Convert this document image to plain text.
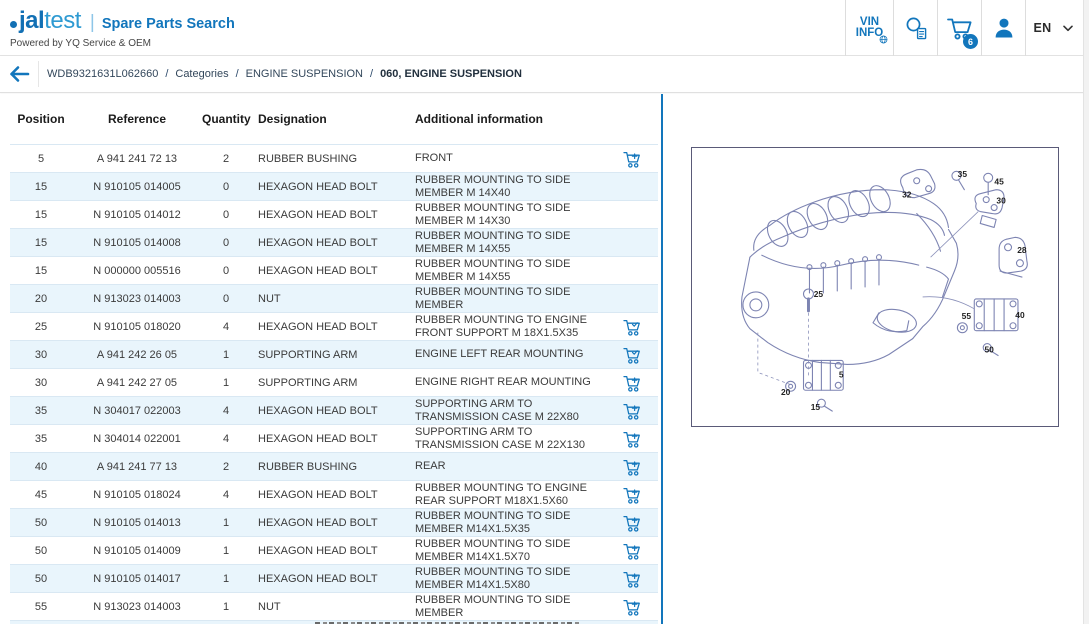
jal test | Spare Parts Search
Powered by YQ Service & OEM
VIN
INFO
6
EN
WDB9321631L062660 / Categories / ENGINE SUSPENSION / 060, ENGINE SUSPENSION
Position	Reference	Quantity Designation	Additional information
5	A 941 241 72 13	2	RUBBER BUSHING	FRONT
15	N 910105 014005	0	HEXAGON HEAD BOLT
RUBBER MOUNTING TO SIDE MEMBER M 14X40
15	N 910105 014012	0	HEXAGON HEAD BOLT
RUBBER MOUNTING TO SIDE MEMBER M 14X30
15	N 910105 014008	0	HEXAGON HEAD BOLT
RUBBER MOUNTING TO SIDE MEMBER M 14X55
15	N 000000 005516	0	HEXAGON HEAD BOLT
RUBBER MOUNTING TO SIDE MEMBER M 14X55
20	N 913023 014003	0	NUT
RUBBER MOUNTING TO SIDE MEMBER
25	N 910105 018020	4	HEXAGON HEAD BOLT
RUBBER MOUNTING TO ENGINE FRONT SUPPORT M 18X1.5X35
30	A 941 242 26 05	1	SUPPORTING ARM	ENGINE LEFT REAR MOUNTING
30	A 941 242 27 05	1	SUPPORTING ARM	ENGINE RIGHT REAR MOUNTING
35	N 304017 022003	4	HEXAGON HEAD BOLT
SUPPORTING ARM TO TRANSMISSION CASE M 22X80
35	N 304014 022001	4	HEXAGON HEAD BOLT
SUPPORTING ARM TO TRANSMISSION CASE M 22X130
40	A 941 241 77 13	2	RUBBER BUSHING	REAR
45	N 910105 018024	4	HEXAGON HEAD BOLT
RUBBER MOUNTING TO ENGINE REAR SUPPORT M18X1.5X60
50	N 910105 014013	1	HEXAGON HEAD BOLT
RUBBER MOUNTING TO SIDE MEMBER M14X1.5X35
50	N 910105 014009	1	HEXAGON HEAD BOLT
RUBBER MOUNTING TO SIDE MEMBER M14X1.5X70
50	N 910105 014017	1	HEXAGON HEAD BOLT
RUBBER MOUNTING TO SIDE MEMBER M14X1.5X80
55	N 913023 014003	1	NUT
RUBBER MOUNTING TO SIDE MEMBER
32
35
45
30
28
25
55	40
50
20
5
15
